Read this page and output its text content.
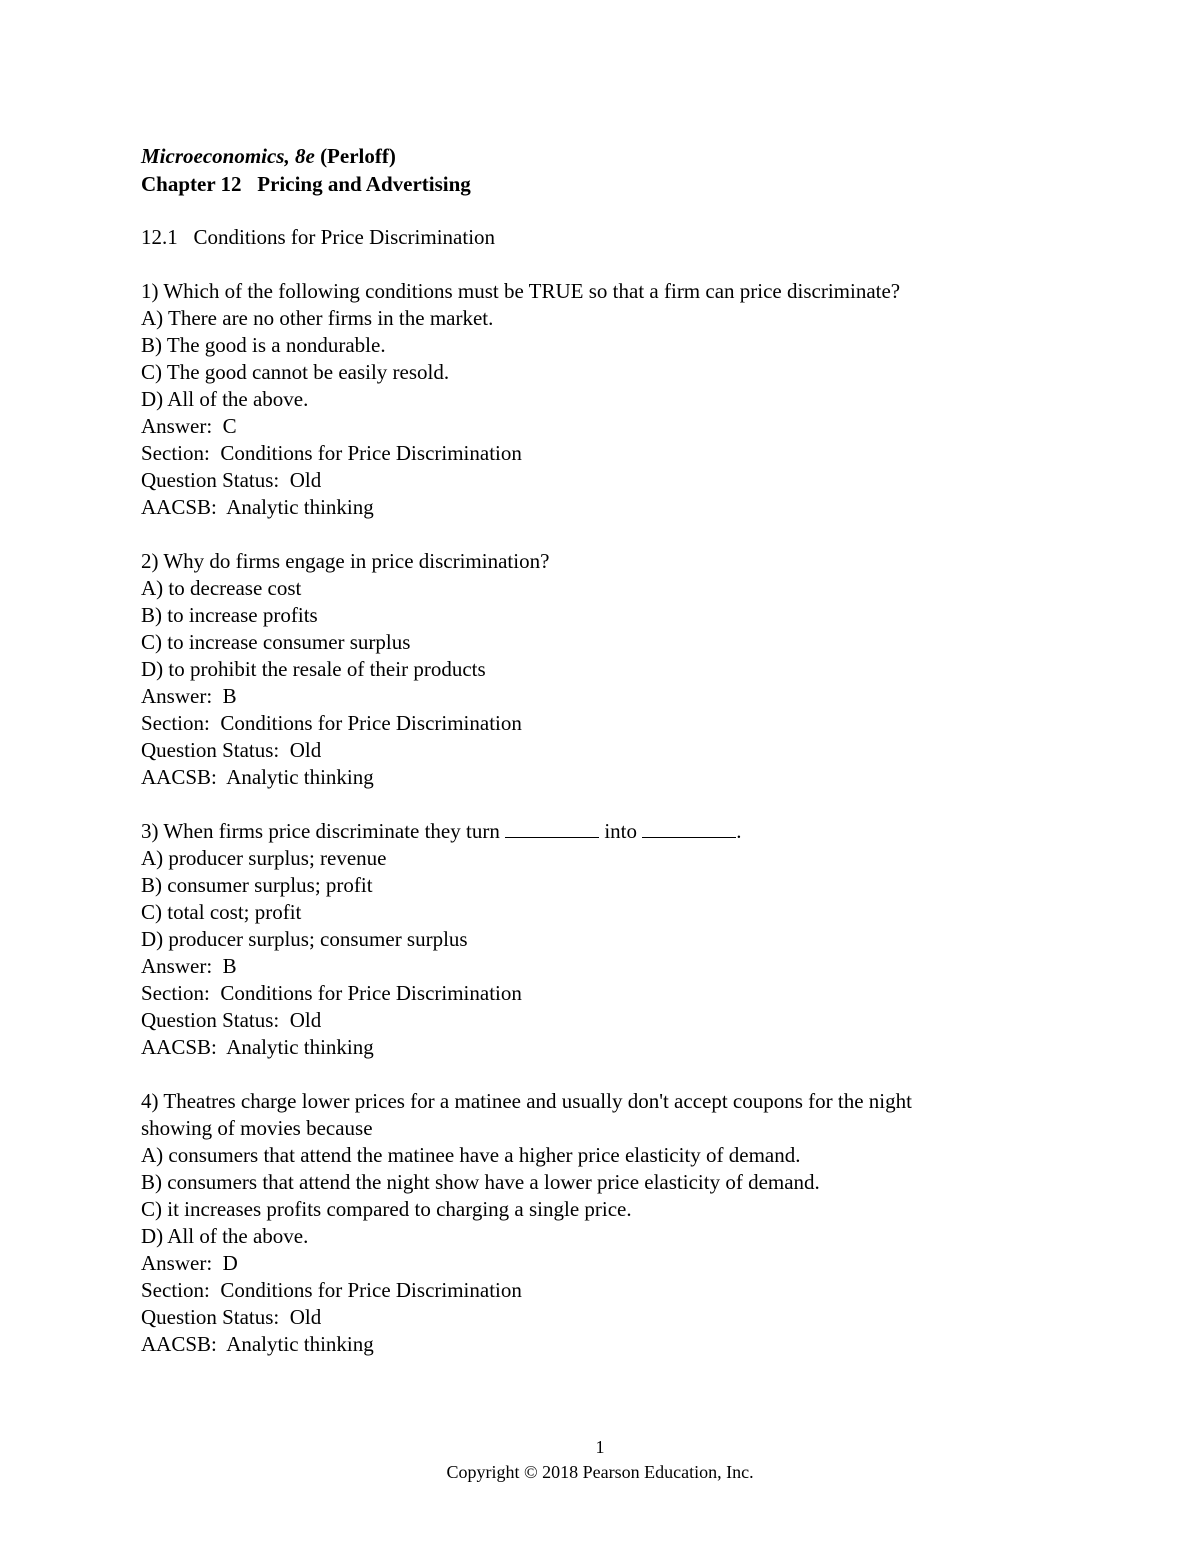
Microeconomics, 8e (Perloff)

Chapter 12   Pricing and Advertising

12.1   Conditions for Price Discrimination

1) Which of the following conditions must be TRUE so that a firm can price discriminate?

A) There are no other firms in the market.

B) The good is a nondurable.

C) The good cannot be easily resold.

D) All of the above.

Answer:  C

Section:  Conditions for Price Discrimination

Question Status:  Old

AACSB:  Analytic thinking

2) Why do firms engage in price discrimination?

A) to decrease cost

B) to increase profits

C) to increase consumer surplus

D) to prohibit the resale of their products

Answer:  B

Section:  Conditions for Price Discrimination

Question Status:  Old

AACSB:  Analytic thinking

3) When firms price discriminate they turn	into	.

A) producer surplus; revenue

B) consumer surplus; profit

C) total cost; profit

D) producer surplus; consumer surplus

Answer:  B

Section:  Conditions for Price Discrimination

Question Status:  Old

AACSB:  Analytic thinking

4) Theatres charge lower prices for a matinee and usually don't accept coupons for the night

showing of movies because

A) consumers that attend the matinee have a higher price elasticity of demand.

B) consumers that attend the night show have a lower price elasticity of demand.

C) it increases profits compared to charging a single price.

D) All of the above.

Answer:  D

Section:  Conditions for Price Discrimination

Question Status:  Old

AACSB:  Analytic thinking

1
Copyright © 2018 Pearson Education, Inc.
